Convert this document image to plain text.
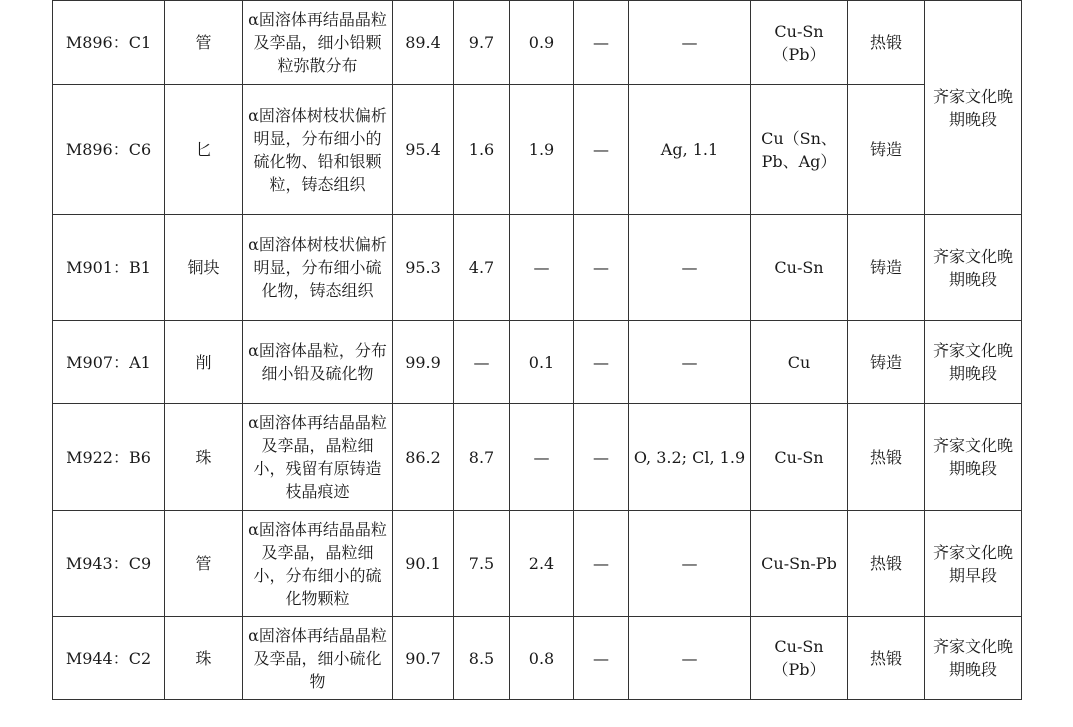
M896：C1	管	α固溶体再结晶晶粒及孪晶，细小铅颗粒弥散分布	89.4	9.7	0.9	—	—	Cu-Sn（Pb）	热锻	齐家文化晚期晚段
M896：C6	匕	α固溶体树枝状偏析明显，分布细小的硫化物、铅和银颗粒，铸态组织	95.4	1.6	1.9	—	Ag, 1.1	Cu（Sn、Pb、Ag）	铸造	
M901：B1	铜块	α固溶体树枝状偏析明显，分布细小硫化物，铸态组织	95.3	4.7	—	—	—	Cu-Sn	铸造	齐家文化晚期晚段
M907：A1	削	α固溶体晶粒，分布细小铅及硫化物	99.9	—	0.1	—	—	Cu	铸造	齐家文化晚期晚段
M922：B6	珠	α固溶体再结晶晶粒及孪晶，晶粒细小，残留有原铸造枝晶痕迹	86.2	8.7	—	—	O, 3.2; Cl, 1.9	Cu-Sn	热锻	齐家文化晚期晚段
M943：C9	管	α固溶体再结晶晶粒及孪晶，晶粒细小，分布细小的硫化物颗粒	90.1	7.5	2.4	—	—	Cu-Sn-Pb	热锻	齐家文化晚期早段
M944：C2	珠	α固溶体再结晶晶粒及孪晶，细小硫化物	90.7	8.5	0.8	—	—	Cu-Sn（Pb）	热锻	齐家文化晚期晚段
